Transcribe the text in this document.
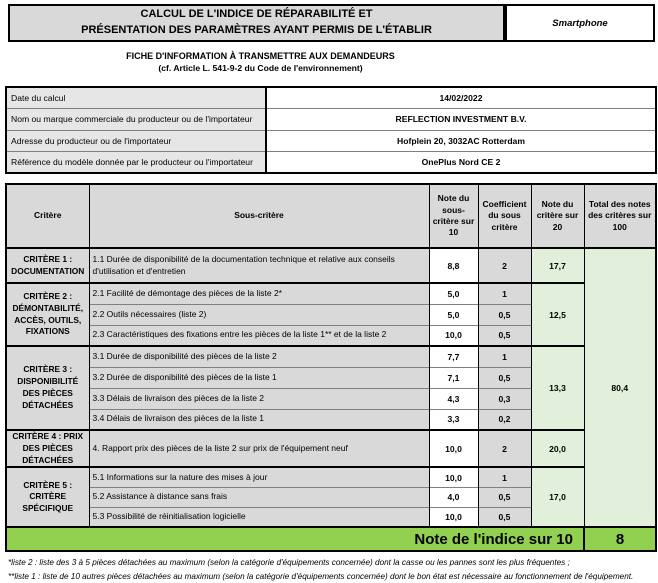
CALCUL DE L'INDICE DE RÉPARABILITÉ ET
PRÉSENTATION DES PARAMÈTRES AYANT PERMIS DE L'ÉTABLIR
Smartphone
FICHE D'INFORMATION À TRANSMETTRE AUX DEMANDEURS
(cf. Article L. 541-9-2 du Code de l'environnement)
Date du calcul	14/02/2022
Nom ou marque commerciale du producteur ou de l'importateur	REFLECTION INVESTMENT B.V.
Adresse du producteur ou de l'importateur	Hofplein 20, 3032AC Rotterdam
Référence du modèle donnée par le producteur ou l'importateur	OnePlus Nord CE 2
Critère	Sous-critère	Note du sous-critère sur 10	Coefficient du sous critère	Note du critère sur 20	Total des notes des critères sur 100
CRITÈRE 1 : DOCUMENTATION	1.1 Durée de disponibilité de la documentation technique et relative aux conseils d'utilisation et d'entretien	8,8	2	17,7	80,4
CRITÈRE 2 : DÉMONTABILITÉ, ACCÈS, OUTILS, FIXATIONS	2.1 Facilité de démontage des pièces de la liste 2*	5,0	1	12,5	
	2.2 Outils nécessaires (liste 2)	5,0	0,5		
	2.3 Caractéristiques des fixations entre les pièces de la liste 1** et de la liste 2	10,0	0,5		
CRITÈRE 3 : DISPONIBILITÉ DES PIÈCES DÉTACHÉES	3.1 Durée de disponibilité des pièces de la liste 2	7,7	1	13,3	
	3.2 Durée de disponibilité des pièces de la liste 1	7,1	0,5		
	3.3 Délais de livraison des pièces de la liste 2	4,3	0,3		
	3.4 Délais de livraison des pièces de la liste 1	3,3	0,2		
CRITÈRE 4 : PRIX DES PIÈCES DÉTACHÉES	4. Rapport prix des pièces de la liste 2 sur prix de l'équipement neuf	10,0	2	20,0	
CRITÈRE 5 : CRITÈRE SPÉCIFIQUE	5.1 Informations sur la nature des mises à jour	10,0	1	17,0	
	5.2 Assistance à distance sans frais	4,0	0,5		
	5.3 Possibilité de réinitialisation logicielle	10,0	0,5		
Note de l'indice sur 10					8
*liste 2 : liste des 3 à 5 pièces détachées au maximum (selon la catégorie d'équipements concernée) dont la casse ou les pannes sont les plus fréquentes ;
**liste 1 : liste de 10 autres pièces détachées au maximum (selon la catégorie d'équipements concernée) dont le bon état est nécessaire au fonctionnement de l'équipement.
